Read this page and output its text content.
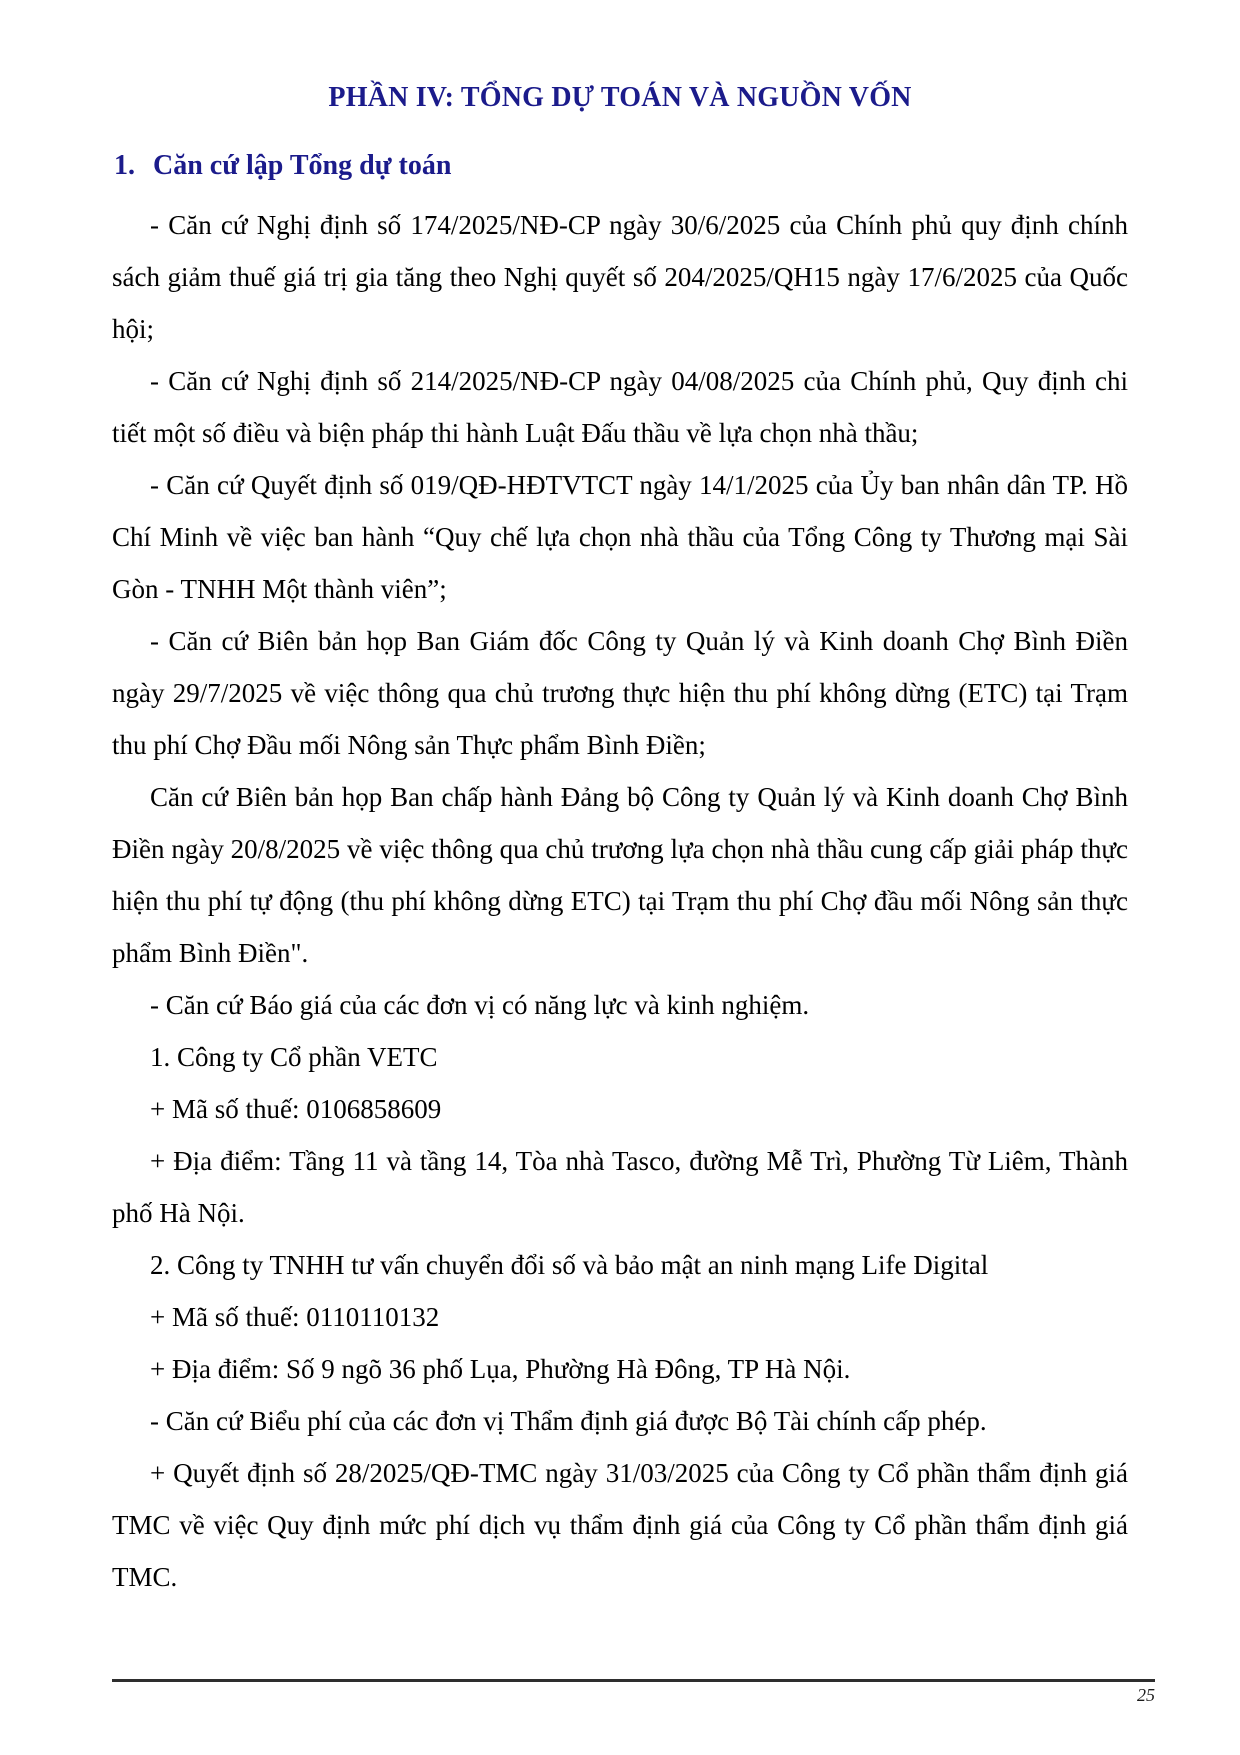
PHẦN IV: TỔNG DỰ TOÁN VÀ NGUỒN VỐN
1. Căn cứ lập Tổng dự toán

- Căn cứ Nghị định số 174/2025/NĐ-CP ngày 30/6/2025 của Chính phủ quy định chính sách giảm thuế giá trị gia tăng theo Nghị quyết số 204/2025/QH15 ngày 17/6/2025 của Quốc hội;

- Căn cứ Nghị định số 214/2025/NĐ-CP ngày 04/08/2025 của Chính phủ, Quy định chi tiết một số điều và biện pháp thi hành Luật Đấu thầu về lựa chọn nhà thầu;

- Căn cứ Quyết định số 019/QĐ-HĐTVTCT ngày 14/1/2025 của Ủy ban nhân dân TP. Hồ Chí Minh về việc ban hành “Quy chế lựa chọn nhà thầu của Tổng Công ty Thương mại Sài Gòn - TNHH Một thành viên”;

- Căn cứ Biên bản họp Ban Giám đốc Công ty Quản lý và Kinh doanh Chợ Bình Điền ngày 29/7/2025 về việc thông qua chủ trương thực hiện thu phí không dừng (ETC) tại Trạm thu phí Chợ Đầu mối Nông sản Thực phẩm Bình Điền;

Căn cứ Biên bản họp Ban chấp hành Đảng bộ Công ty Quản lý và Kinh doanh Chợ Bình Điền ngày 20/8/2025 về việc thông qua chủ trương lựa chọn nhà thầu cung cấp giải pháp thực hiện thu phí tự động (thu phí không dừng ETC) tại Trạm thu phí Chợ đầu mối Nông sản thực phẩm Bình Điền".

- Căn cứ Báo giá của các đơn vị có năng lực và kinh nghiệm.

1. Công ty Cổ phần VETC

+ Mã số thuế: 0106858609

+ Địa điểm: Tầng 11 và tầng 14, Tòa nhà Tasco, đường Mễ Trì, Phường Từ Liêm, Thành phố Hà Nội.

2. Công ty TNHH tư vấn chuyển đổi số và bảo mật an ninh mạng Life Digital

+ Mã số thuế: 0110110132

+ Địa điểm: Số 9 ngõ 36 phố Lụa, Phường Hà Đông, TP Hà Nội.

- Căn cứ Biểu phí của các đơn vị Thẩm định giá được Bộ Tài chính cấp phép.

+ Quyết định số 28/2025/QĐ-TMC ngày 31/03/2025 của Công ty Cổ phần thẩm định giá TMC về việc Quy định mức phí dịch vụ thẩm định giá của Công ty Cổ phần thẩm định giá TMC.

25
